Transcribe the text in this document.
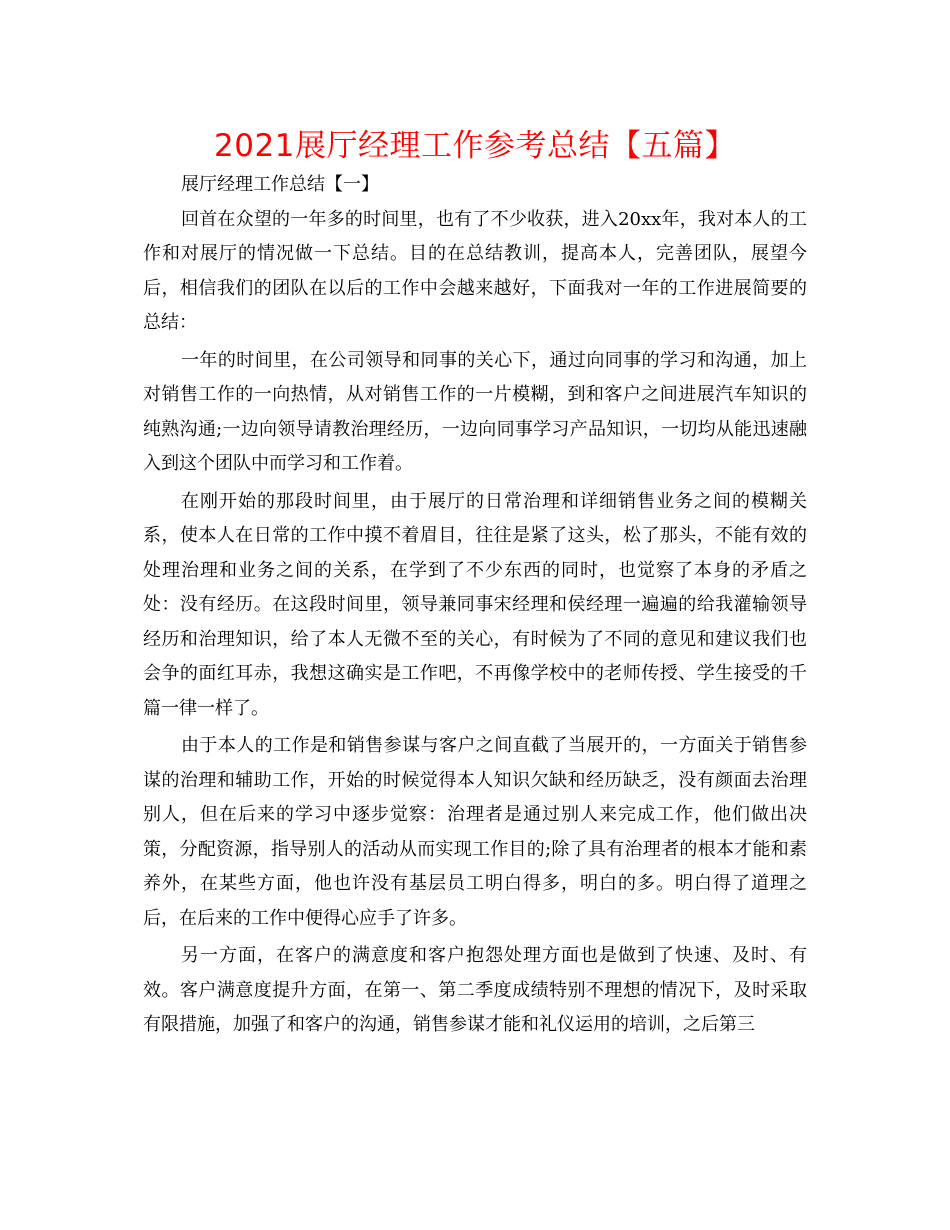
2021展厅经理工作参考总结【五篇】

展厅经理工作总结【一】

回首在众望的一年多的时间里，也有了不少收获，进入20xx年，我对本人的工作和对展厅的情况做一下总结。目的在总结教训，提高本人，完善团队，展望今后，相信我们的团队在以后的工作中会越来越好，下面我对一年的工作进展简要的总结：

一年的时间里，在公司领导和同事的关心下，通过向同事的学习和沟通，加上对销售工作的一向热情，从对销售工作的一片模糊，到和客户之间进展汽车知识的纯熟沟通;一边向领导请教治理经历，一边向同事学习产品知识，一切均从能迅速融入到这个团队中而学习和工作着。

在刚开始的那段时间里，由于展厅的日常治理和详细销售业务之间的模糊关系，使本人在日常的工作中摸不着眉目，往往是紧了这头，松了那头，不能有效的处理治理和业务之间的关系，在学到了不少东西的同时，也觉察了本身的矛盾之处：没有经历。在这段时间里，领导兼同事宋经理和侯经理一遍遍的给我灌输领导经历和治理知识，给了本人无微不至的关心，有时候为了不同的意见和建议我们也会争的面红耳赤，我想这确实是工作吧，不再像学校中的老师传授、学生接受的千篇一律一样了。

由于本人的工作是和销售参谋与客户之间直截了当展开的，一方面关于销售参谋的治理和辅助工作，开始的时候觉得本人知识欠缺和经历缺乏，没有颜面去治理别人，但在后来的学习中逐步觉察：治理者是通过别人来完成工作，他们做出决策，分配资源，指导别人的活动从而实现工作目的;除了具有治理者的根本才能和素养外，在某些方面，他也许没有基层员工明白得多，明白的多。明白得了道理之后，在后来的工作中便得心应手了许多。

另一方面，在客户的满意度和客户抱怨处理方面也是做到了快速、及时、有效。客户满意度提升方面，在第一、第二季度成绩特别不理想的情况下，及时采取有限措施，加强了和客户的沟通，销售参谋才能和礼仪运用的培训，之后第三
